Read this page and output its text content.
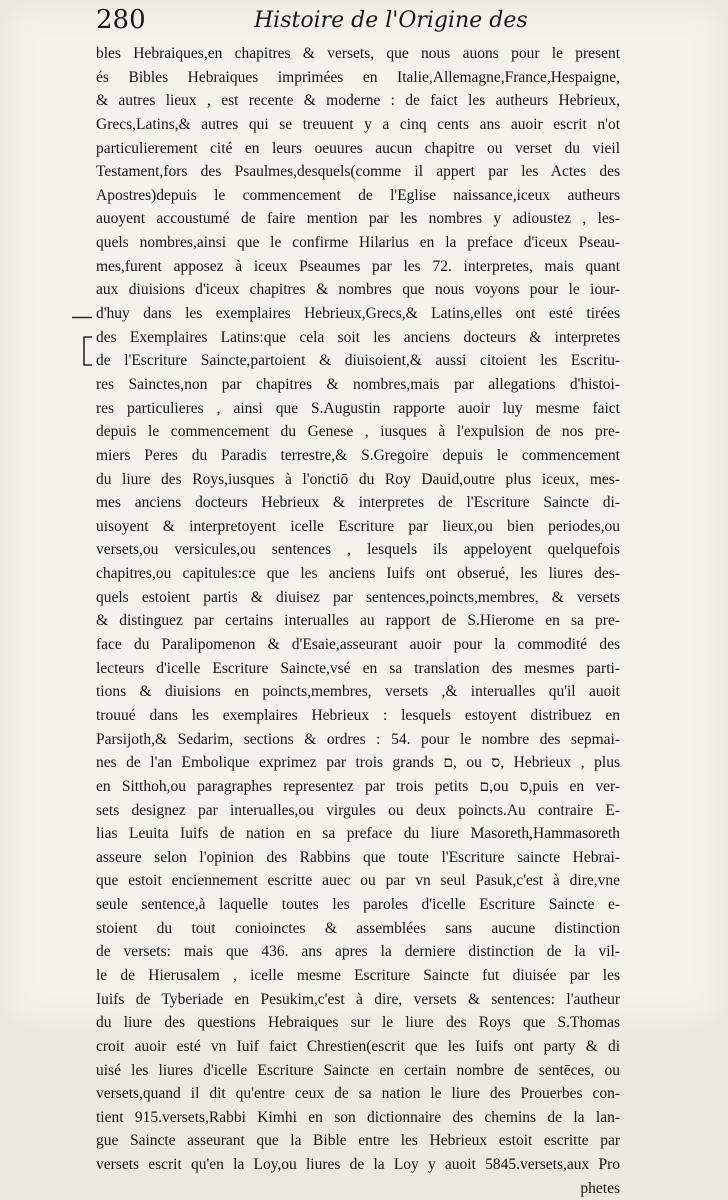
280	Histoire de l'Origine des
bles Hebraiques,en chapitres & versets, que nous auons pour le present
és Bibles Hebraiques imprimées en Italie,Allemagne,France,Hespaigne,
& autres lieux , est recente & moderne : de faict les autheurs Hebrieux,
Grecs,Latins,& autres qui se treuuent y a cinq cents ans auoir escrit n'ot
particulierement cité en leurs oeuures aucun chapitre ou verset du vieil
Testament,fors des Psaulmes,desquels(comme il appert par les Actes des
Apostres)depuis le commencement de l'Eglise naissance,iceux autheurs
auoyent accoustumé de faire mention par les nombres y adioustez , les-
quels nombres,ainsi que le confirme Hilarius en la preface d'iceux Pseau-
mes,furent apposez à iceux Pseaumes par les 72. interpretes, mais quant
aux diuisions d'iceux chapitres & nombres que nous voyons pour le iour-
d'huy dans les exemplaires Hebrieux,Grecs,& Latins,elles ont esté tirées
des Exemplaires Latins:que cela soit les anciens docteurs & interpretes
de l'Escriture Saincte,partoient & diuisoient,& aussi citoient les Escritu-
res Sainctes,non par chapitres & nombres,mais par allegations d'histoi-
res particulieres , ainsi que S.Augustin rapporte auoir luy mesme faict
depuis le commencement du Genese , iusques à l'expulsion de nos pre-
miers Peres du Paradis terrestre,& S.Gregoire depuis le commencement
du liure des Roys,iusques à l'onctiō du Roy Dauid,outre plus iceux, mes-
mes anciens docteurs Hebrieux & interpretes de l'Escriture Saincte di-
uisoyent & interpretoyent icelle Escriture par lieux,ou bien periodes,ou
versets,ou versicules,ou sentences , lesquels ils appeloyent quelquefois
chapitres,ou capitules:ce que les anciens Iuifs ont obserué, les liures des-
quels estoient partis & diuisez par sentences,poincts,membres, & versets
& distinguez par certains interualles au rapport de S.Hierome en sa pre-
face du Paralipomenon & d'Esaie,asseurant auoir pour la commodité des
lecteurs d'icelle Escriture Saincte,vsé en sa translation des mesmes parti-
tions & diuisions en poincts,membres, versets ,& interualles qu'il auoit
trouué dans les exemplaires Hebrieux : lesquels estoyent distribuez en
Parsijoth,& Sedarim, sections & ordres : 54. pour le nombre des sepmai-
nes de l'an Embolique exprimez par trois grands ם, ou ס, Hebrieux , plus
en Sitthoh,ou paragraphes representez par trois petits ם,ou ס,puis en ver-
sets designez par interualles,ou virgules ou deux poincts.Au contraire E-
lias Leuita Iuifs de nation en sa preface du liure Masoreth,Hammasoreth
asseure selon l'opinion des Rabbins que toute l'Escriture saincte Hebrai-
que estoit enciennement escritte auec ou par vn seul Pasuk,c'est à dire,vne
seule sentence,à laquelle toutes les paroles d'icelle Escriture Saincte e-
stoient du tout conioinctes & assemblées sans aucune distinction
de versets: mais que 436. ans apres la derniere distinction de la vil-
le de Hierusalem , icelle mesme Escriture Saincte fut diuisée par les
Iuifs de Tyberiade en Pesukim,c'est à dire, versets & sentences: l'autheur
du liure des questions Hebraiques sur le liure des Roys que S.Thomas
croit auoir esté vn Iuif faict Chrestien(escrit que les Iuifs ont party & di
uisé les liures d'icelle Escriture Saincte en certain nombre de sentēces, ou
versets,quand il dit qu'entre ceux de sa nation le liure des Prouerbes con-
tient 915.versets,Rabbi Kimhi en son dictionnaire des chemins de la lan-
gue Saincte asseurant que la Bible entre les Hebrieux estoit escritte par
versets escrit qu'en la Loy,ou liures de la Loy y auoit 5845.versets,aux Pro
phetes
